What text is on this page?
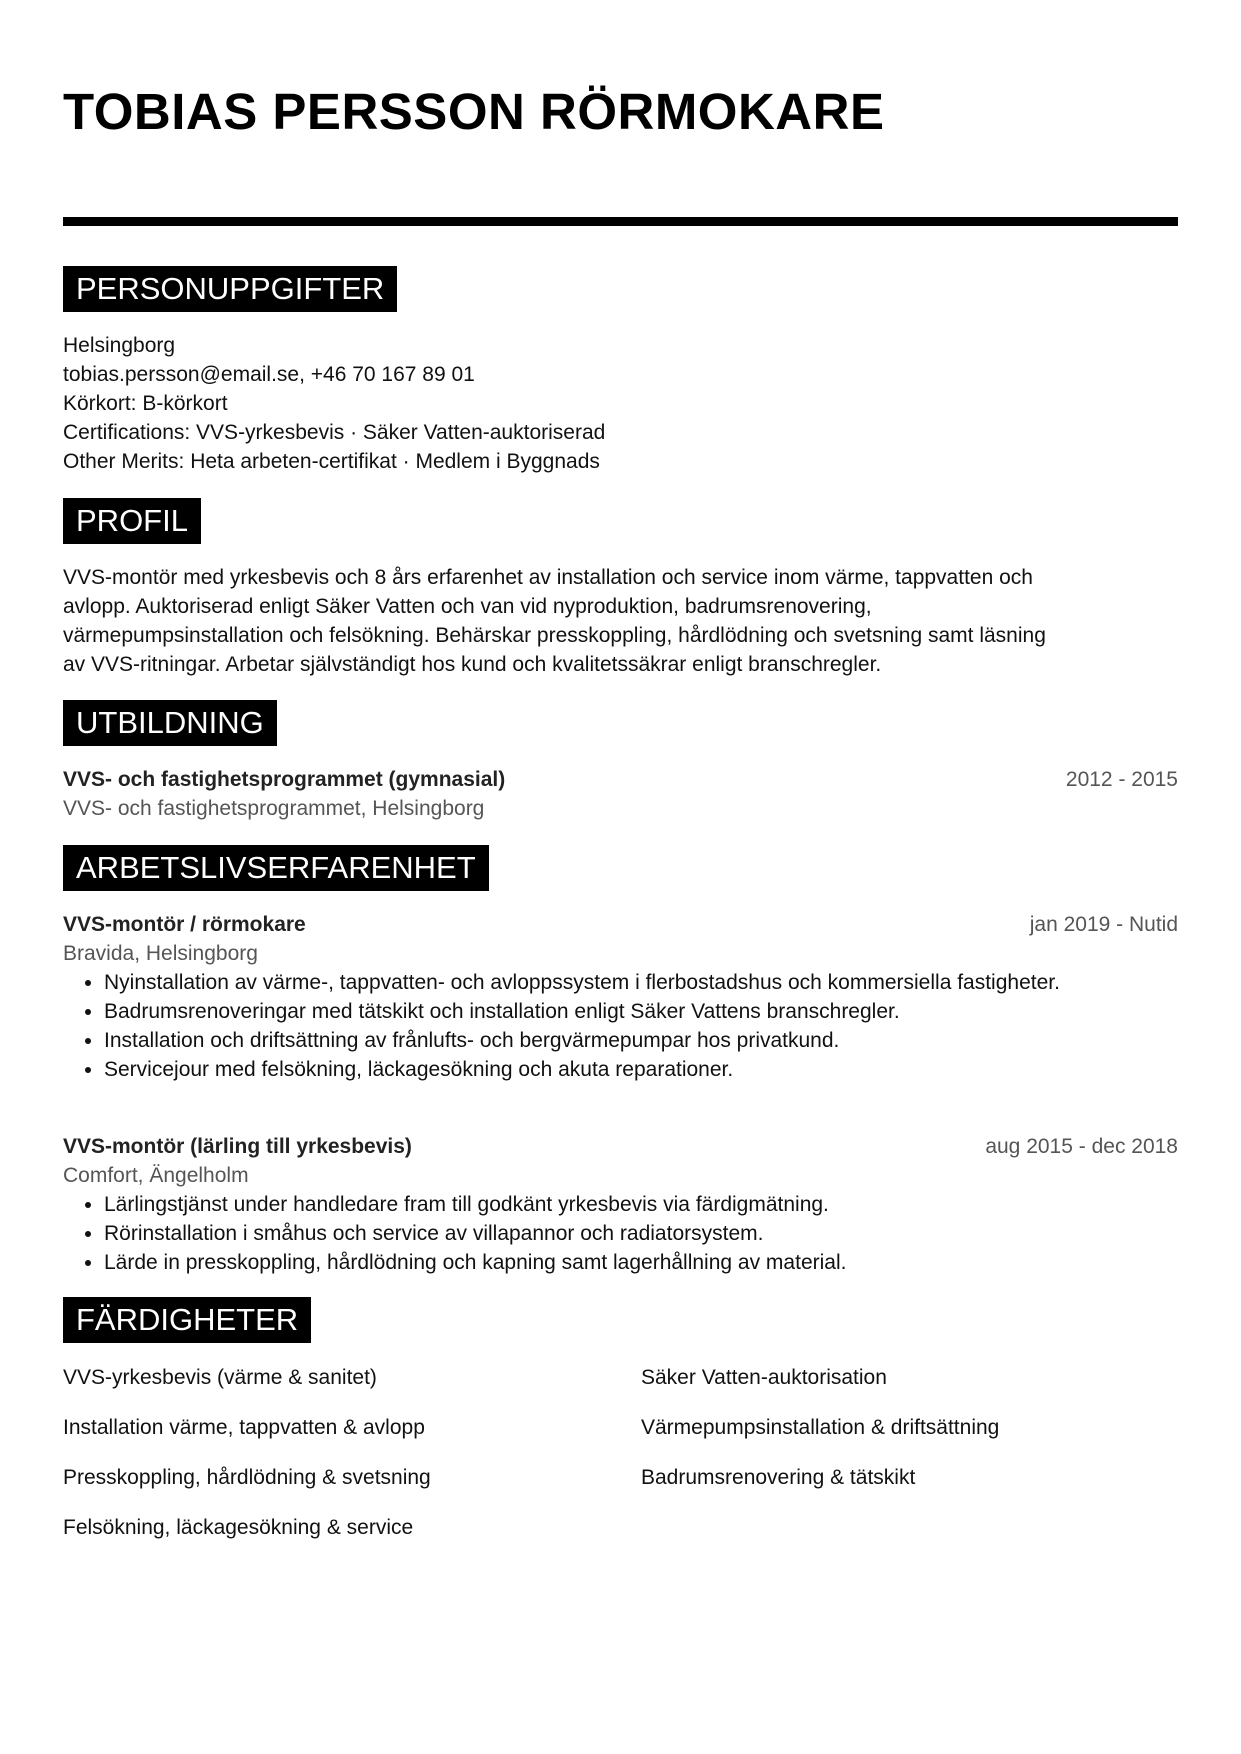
TOBIAS PERSSON RÖRMOKARE
PERSONUPPGIFTER
Helsingborg
tobias.persson@email.se, +46 70 167 89 01
Körkort: B-körkort
Certifications: VVS-yrkesbevis · Säker Vatten-auktoriserad
Other Merits: Heta arbeten-certifikat · Medlem i Byggnads
PROFIL
VVS-montör med yrkesbevis och 8 års erfarenhet av installation och service inom värme, tappvatten och
avlopp. Auktoriserad enligt Säker Vatten och van vid nyproduktion, badrumsrenovering,
värmepumpsinstallation och felsökning. Behärskar presskoppling, hårdlödning och svetsning samt läsning
av VVS-ritningar. Arbetar självständigt hos kund och kvalitetssäkrar enligt branschregler.
UTBILDNING
VVS- och fastighetsprogrammet (gymnasial)	2012 - 2015
VVS- och fastighetsprogrammet, Helsingborg
ARBETSLIVSERFARENHET
VVS-montör / rörmokare	jan 2019 - Nutid
Bravida, Helsingborg
• Nyinstallation av värme-, tappvatten- och avloppssystem i flerbostadshus och kommersiella fastigheter.
• Badrumsrenoveringar med tätskikt och installation enligt Säker Vattens branschregler.
• Installation och driftsättning av frånlufts- och bergvärmepumpar hos privatkund.
• Servicejour med felsökning, läckagesökning och akuta reparationer.
VVS-montör (lärling till yrkesbevis)	aug 2015 - dec 2018
Comfort, Ängelholm
• Lärlingstjänst under handledare fram till godkänt yrkesbevis via färdigmätning.
• Rörinstallation i småhus och service av villapannor och radiatorsystem.
• Lärde in presskoppling, hårdlödning och kapning samt lagerhållning av material.
FÄRDIGHETER
VVS-yrkesbevis (värme & sanitet)	Säker Vatten-auktorisation
Installation värme, tappvatten & avlopp	Värmepumpsinstallation & driftsättning
Presskoppling, hårdlödning & svetsning	Badrumsrenovering & tätskikt
Felsökning, läckagesökning & service
